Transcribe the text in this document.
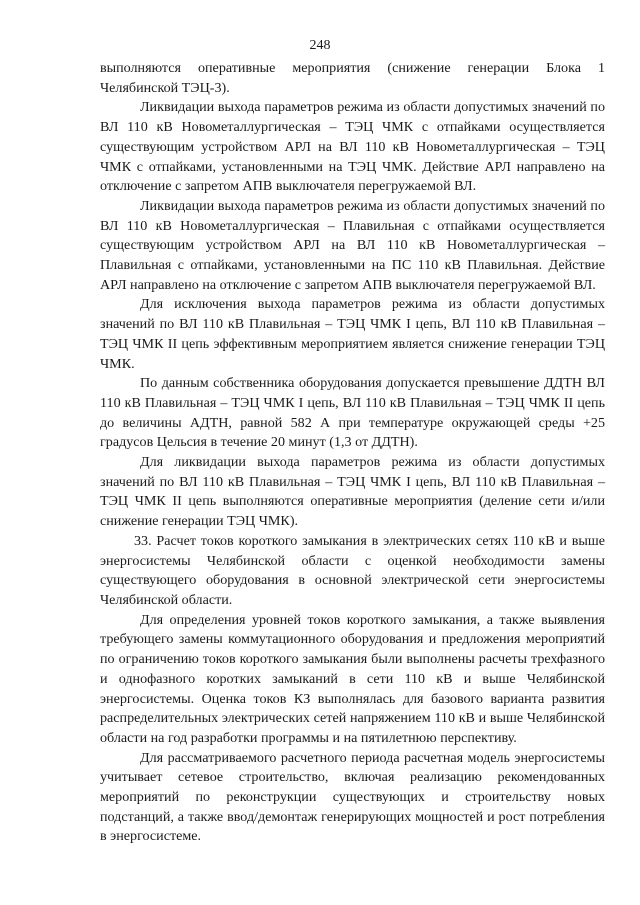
248

выполняются оперативные мероприятия (снижение генерации Блока 1 Челябинской ТЭЦ-3).

Ликвидации выхода параметров режима из области допустимых значений по ВЛ 110 кВ Новометаллургическая – ТЭЦ ЧМК с отпайками осуществляется существующим устройством АРЛ на ВЛ 110 кВ Новометаллургическая – ТЭЦ ЧМК с отпайками, установленными на ТЭЦ ЧМК. Действие АРЛ направлено на отключение с запретом АПВ выключателя перегружаемой ВЛ.

Ликвидации выхода параметров режима из области допустимых значений по ВЛ 110 кВ Новометаллургическая – Плавильная с отпайками осуществляется существующим устройством АРЛ на ВЛ 110 кВ Новометаллургическая – Плавильная с отпайками, установленными на ПС 110 кВ Плавильная. Действие АРЛ направлено на отключение с запретом АПВ выключателя перегружаемой ВЛ.

Для исключения выхода параметров режима из области допустимых значений по ВЛ 110 кВ Плавильная – ТЭЦ ЧМК I цепь, ВЛ 110 кВ Плавильная – ТЭЦ ЧМК II цепь эффективным мероприятием является снижение генерации ТЭЦ ЧМК.

По данным собственника оборудования допускается превышение ДДТН ВЛ 110 кВ Плавильная – ТЭЦ ЧМК I цепь, ВЛ 110 кВ Плавильная – ТЭЦ ЧМК II цепь до величины АДТН, равной 582 А при температуре окружающей среды +25 градусов Цельсия в течение 20 минут (1,3 от ДДТН).

Для ликвидации выхода параметров режима из области допустимых значений по ВЛ 110 кВ Плавильная – ТЭЦ ЧМК I цепь, ВЛ 110 кВ Плавильная – ТЭЦ ЧМК II цепь выполняются оперативные мероприятия (деление сети и/или снижение генерации ТЭЦ ЧМК).

33. Расчет токов короткого замыкания в электрических сетях 110 кВ и выше энергосистемы Челябинской области с оценкой необходимости замены существующего оборудования в основной электрической сети энергосистемы Челябинской области.

Для определения уровней токов короткого замыкания, а также выявления требующего замены коммутационного оборудования и предложения мероприятий по ограничению токов короткого замыкания были выполнены расчеты трехфазного и однофазного коротких замыканий в сети 110 кВ и выше Челябинской энергосистемы. Оценка токов КЗ выполнялась для базового варианта развития распределительных электрических сетей напряжением 110 кВ и выше Челябинской области на год разработки программы и на пятилетнюю перспективу.

Для рассматриваемого расчетного периода расчетная модель энергосистемы учитывает сетевое строительство, включая реализацию рекомендованных мероприятий по реконструкции существующих и строительству новых подстанций, а также ввод/демонтаж генерирующих мощностей и рост потребления в энергосистеме.
